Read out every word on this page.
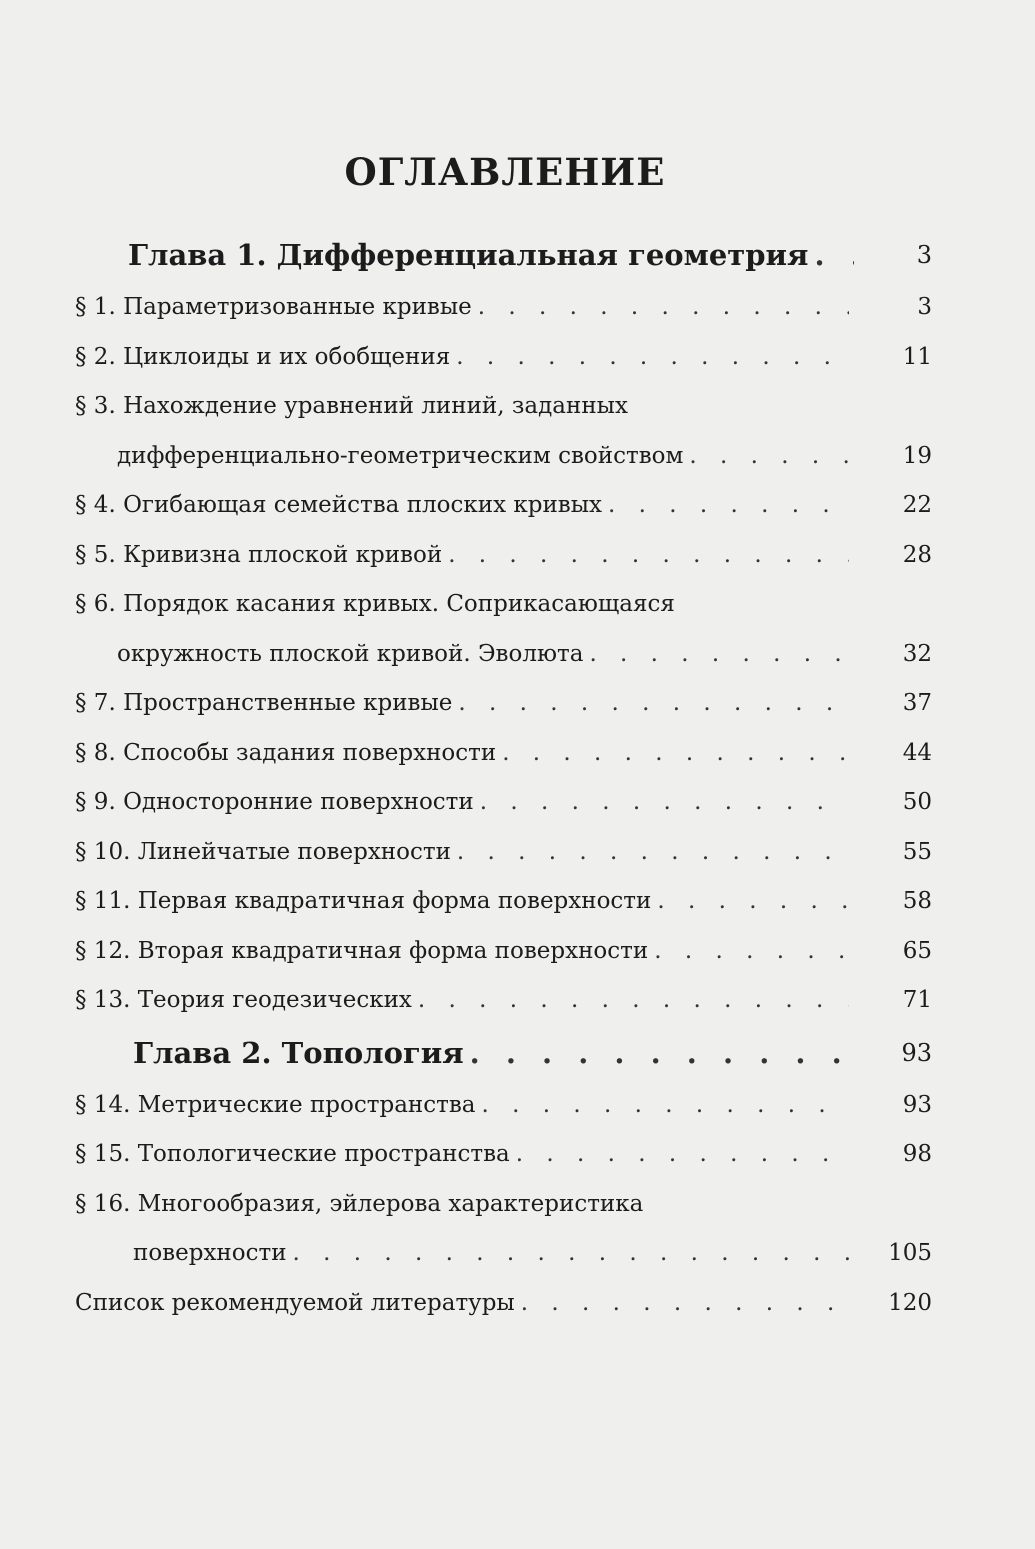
ОГЛАВЛЕНИЕ
Глава 1. Дифференциальная геометрия . . .	3
§ 1. Параметризованные кривые . . .	3
§ 2. Циклоиды и их обобщения . . .	11
§ 3. Нахождение уравнений линий, заданных
дифференциально-геометрическим свойством . . .	19
§ 4. Огибающая семейства плоских кривых . . .	22
§ 5. Кривизна плоской кривой . . .	28
§ 6. Порядок касания кривых. Соприкасающаяся
окружность плоской кривой. Эволюта . . .	32
§ 7. Пространственные кривые . . .	37
§ 8. Способы задания поверхности . . .	44
§ 9. Односторонние поверхности . . .	50
§ 10. Линейчатые поверхности . . .	55
§ 11. Первая квадратичная форма поверхности . . .	58
§ 12. Вторая квадратичная форма поверхности . . .	65
§ 13. Теория геодезических . . .	71
Глава 2. Топология . . .	93
§ 14. Метрические пространства . . .	93
§ 15. Топологические пространства . . .	98
§ 16. Многообразия, эйлерова характеристика
поверхности . . .	105
Список рекомендуемой литературы . . .	120
